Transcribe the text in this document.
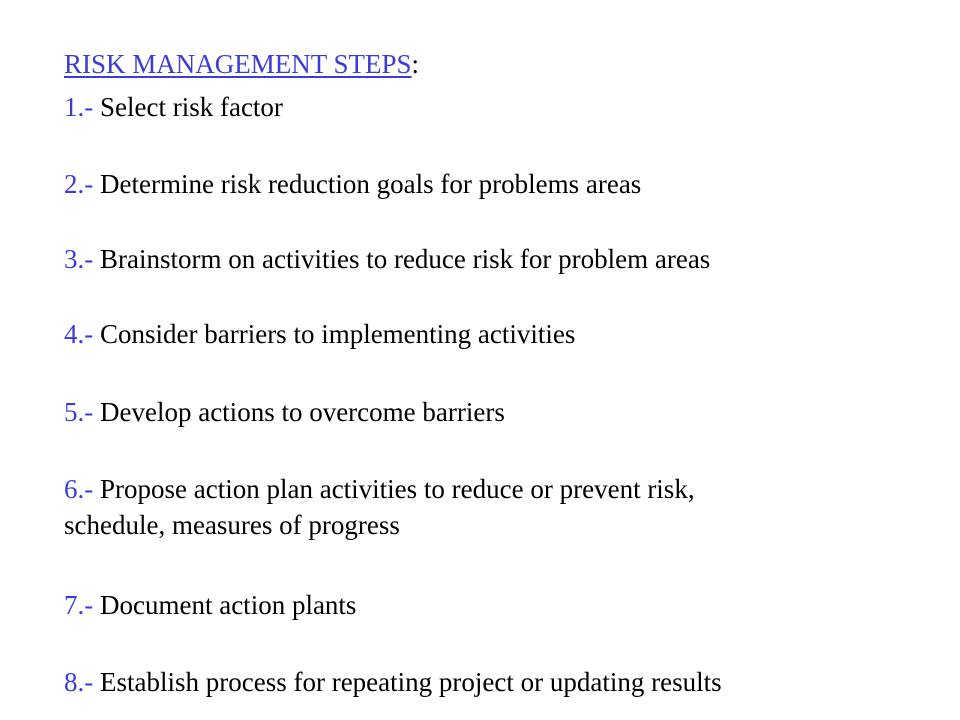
RISK MANAGEMENT STEPS:
1.- Select risk factor
2.- Determine risk reduction goals for problems areas
3.- Brainstorm on activities to reduce risk for problem areas
4.- Consider barriers to implementing activities
5.- Develop actions to overcome barriers
6.- Propose action plan activities to reduce or prevent risk,
schedule, measures of progress
7.- Document action plants
8.- Establish process for repeating project or updating results
